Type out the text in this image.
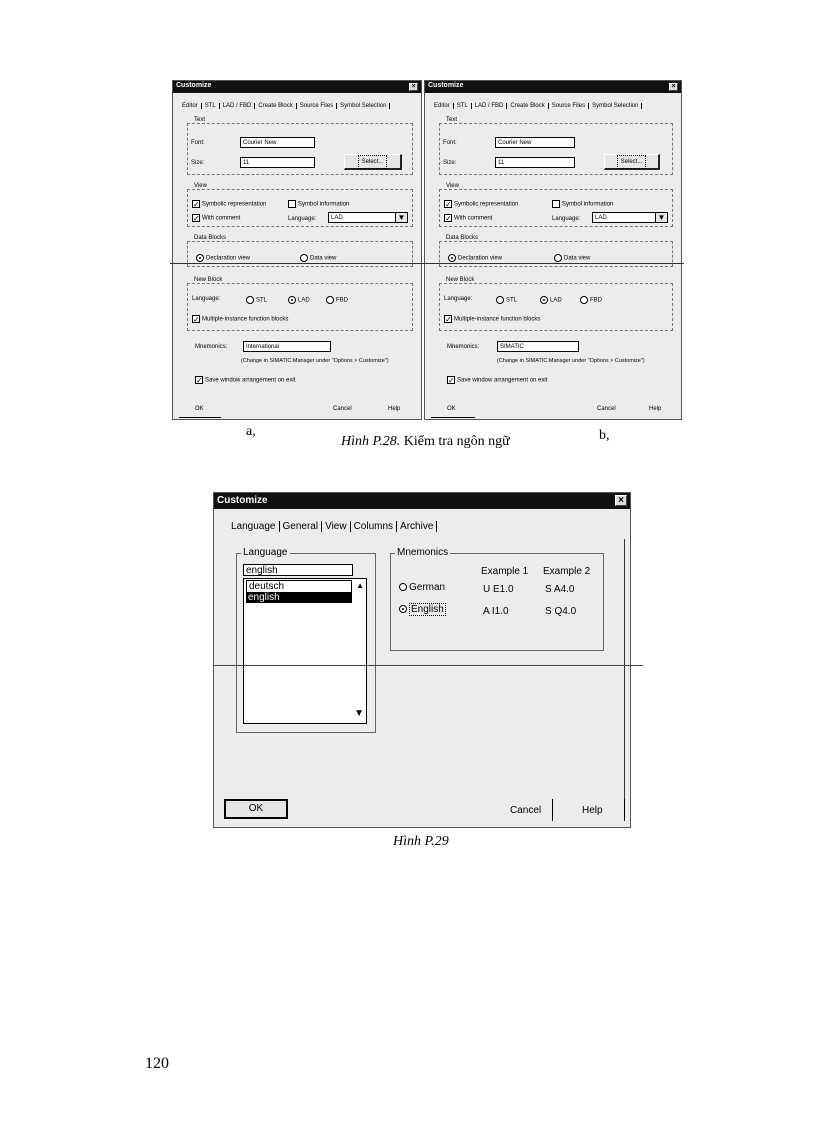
Customize	×
Editor STL LAD / FBD Create Block Source Files Symbol Selection
Text
Font:	Courier New
Size:	11	Select...
View
✓ Symbolic representation	Symbol information
✓ With comment	Language:	LAD	▼
Data Blocks
Declaration view	Data view
New Block
Language:	STL	LAD	FBD
✓ Multiple-instance function blocks
Mnemonics:	International
(Change in SIMATIC Manager under "Options > Customize")
✓ Save window arrangement on exit
OK	Cancel	Help
Customize	×
Editor STL LAD / FBD Create Block Source Files Symbol Selection
Text
Font:	Courier New
Size:	11	Select...
View
✓ Symbolic representation	Symbol information
✓ With comment	Language:	LAD	▼
Data Blocks
Declaration view	Data view
New Block
Language:	STL	LAD	FBD
✓ Multiple-instance function blocks
Mnemonics:	SIMATIC
(Change in SIMATIC Manager under "Options > Customize")
✓ Save window arrangement on exit
OK	Cancel	Help
a,	b,
Hình P.28. Kiểm tra ngôn ngữ
Customize	×
Language General View Columns Archive
Language
english
deutsch
english
▲
▼
Mnemonics
Example 1 Example 2
German	U E1.0	S A4.0
English	A I1.0	S Q4.0
OK	Cancel	Help
Hình P.29
120
